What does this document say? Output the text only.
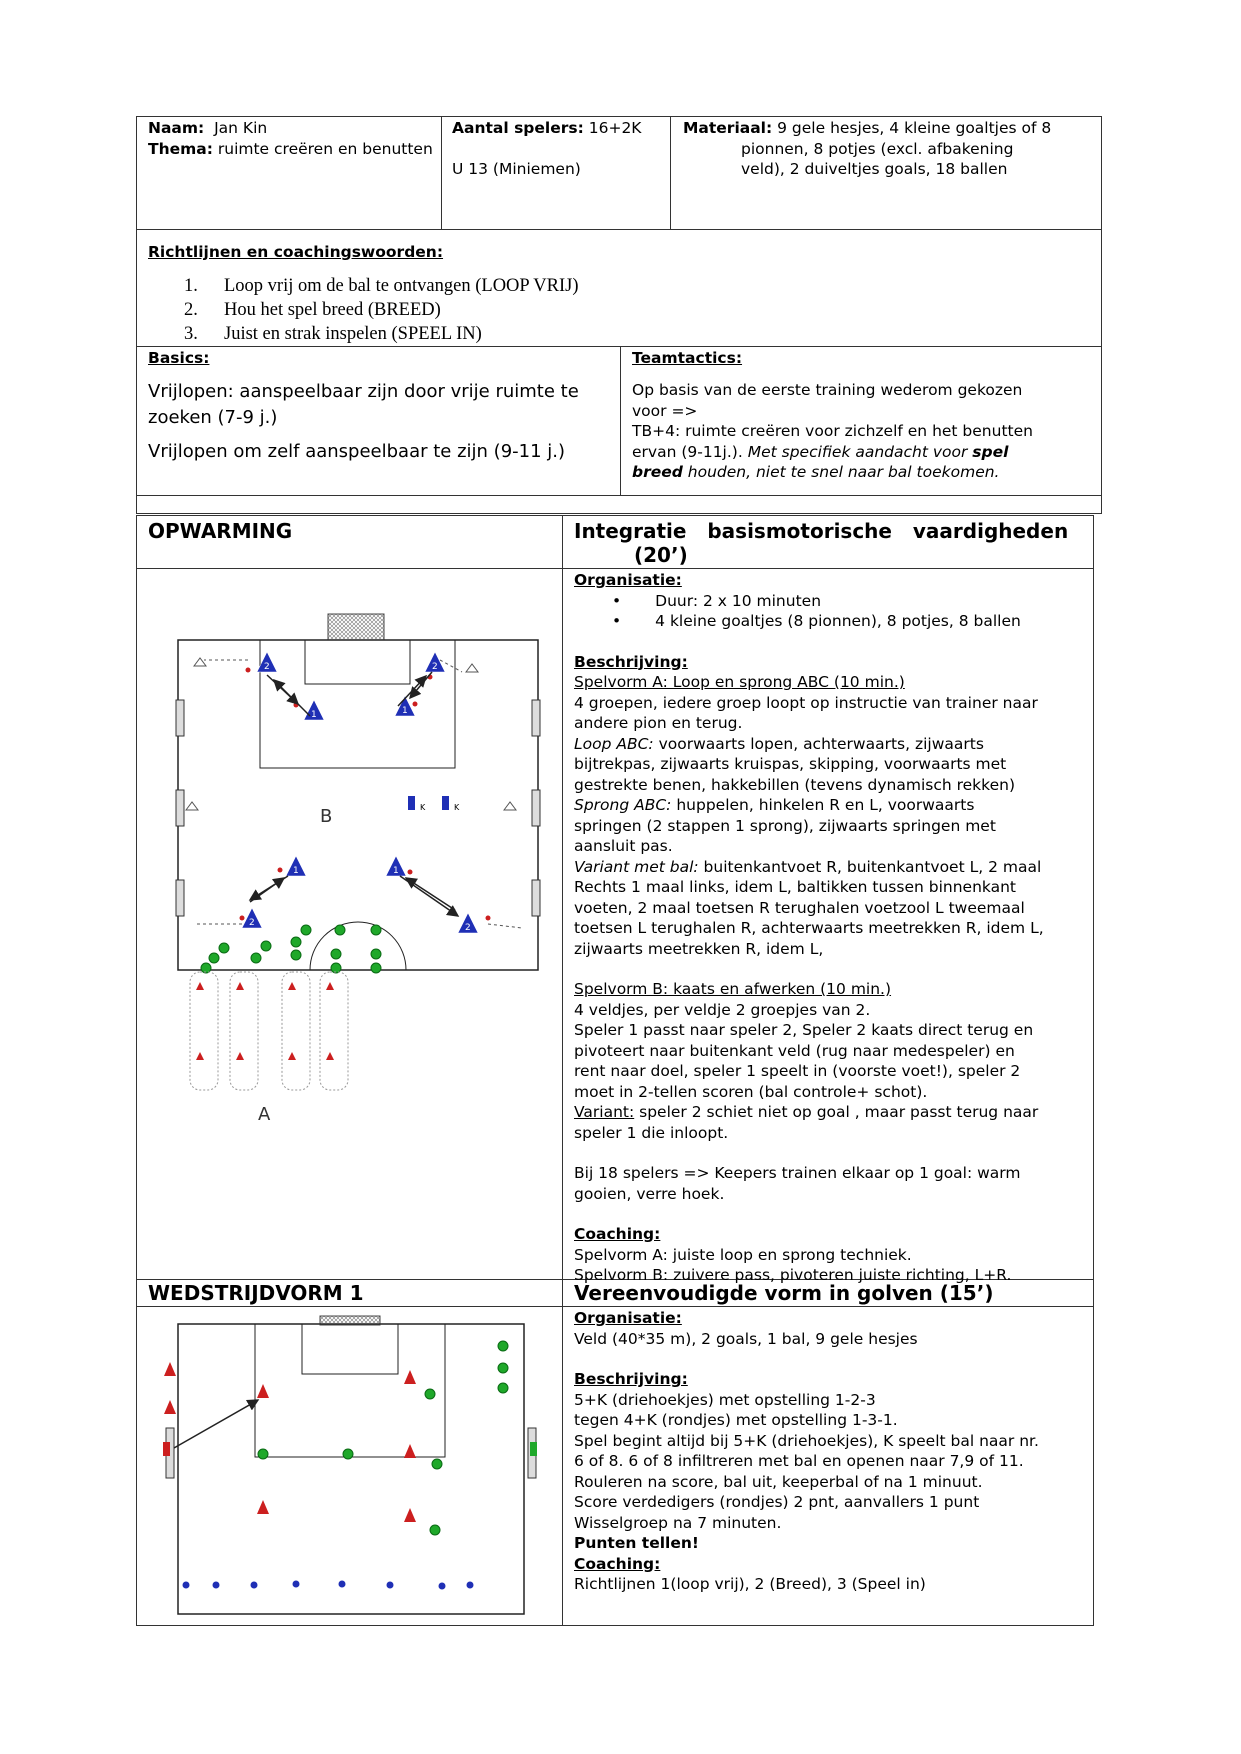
Naam: Jan Kin
Thema: ruimte creëren en benutten
Aantal spelers: 16+2K
U 13 (Miniemen)
Materiaal: 9 gele hesjes, 4 kleine goaltjes of 8
pionnen, 8 potjes (excl. afbakening
veld), 2 duiveltjes goals, 18 ballen
Richtlijnen en coachingswoorden:
1. Loop vrij om de bal te ontvangen (LOOP VRIJ)
2. Hou het spel breed (BREED)
3. Juist en strak inspelen (SPEEL IN)
Basics:
Vrijlopen: aanspeelbaar zijn door vrije ruimte te
zoeken (7-9 j.)
Vrijlopen om zelf aanspeelbaar te zijn (9-11 j.)
Teamtactics:
Op basis van de eerste training wederom gekozen
voor =>
TB+4: ruimte creëren voor zichzelf en het benutten
ervan (9-11j.). Met specifiek aandacht voor spel
breed houden, niet te snel naar bal toekomen.
OPWARMING	Integratie   basismotorische   vaardigheden
(20’)
Organisatie:
• Duur: 2 x 10 minuten
• 4 kleine goaltjes (8 pionnen), 8 potjes, 8 ballen
Beschrijving:
Spelvorm A: Loop en sprong ABC (10 min.)
4 groepen, iedere groep loopt op instructie van trainer naar
andere pion en terug.
Loop ABC: voorwaarts lopen, achterwaarts, zijwaarts
bijtrekpas, zijwaarts kruispas, skipping, voorwaarts met
gestrekte benen, hakkebillen (tevens dynamisch rekken)
Sprong ABC: huppelen, hinkelen R en L, voorwaarts
springen (2 stappen 1 sprong), zijwaarts springen met
aansluit pas.
Variant met bal: buitenkantvoet R, buitenkantvoet L, 2 maal
Rechts 1 maal links, idem L, baltikken tussen binnenkant
voeten, 2 maal toetsen R terughalen voetzool L tweemaal
toetsen L terughalen R, achterwaarts meetrekken R, idem L,
zijwaarts meetrekken R, idem L,
Spelvorm B: kaats en afwerken (10 min.)
4 veldjes, per veldje 2 groepjes van 2.
Speler 1 passt naar speler 2, Speler 2 kaats direct terug en
pivoteert naar buitenkant veld (rug naar medespeler) en
rent naar doel, speler 1 speelt in (voorste voet!), speler 2
moet in 2-tellen scoren (bal controle+ schot).
Variant: speler 2 schiet niet op goal , maar passt terug naar
speler 1 die inloopt.
Bij 18 spelers => Keepers trainen elkaar op 1 goal: warm
gooien, verre hoek.
Coaching:
Spelvorm A: juiste loop en sprong techniek.
Spelvorm B: zuivere pass, pivoteren juiste richting, L+R.
2
1
2
1
1	1
2	2
K	K
B
A
WEDSTRIJDVORM 1	Vereenvoudigde vorm in golven (15’)
Organisatie:
Veld (40*35 m), 2 goals, 1 bal, 9 gele hesjes
Beschrijving:
5+K (driehoekjes) met opstelling 1-2-3
tegen 4+K (rondjes) met opstelling 1-3-1.
Spel begint altijd bij 5+K (driehoekjes), K speelt bal naar nr.
6 of 8. 6 of 8 infiltreren met bal en openen naar 7,9 of 11.
Rouleren na score, bal uit, keeperbal of na 1 minuut.
Score verdedigers (rondjes) 2 pnt, aanvallers 1 punt
Wisselgroep na 7 minuten.
Punten tellen!
Coaching:
Richtlijnen 1(loop vrij), 2 (Breed), 3 (Speel in)
